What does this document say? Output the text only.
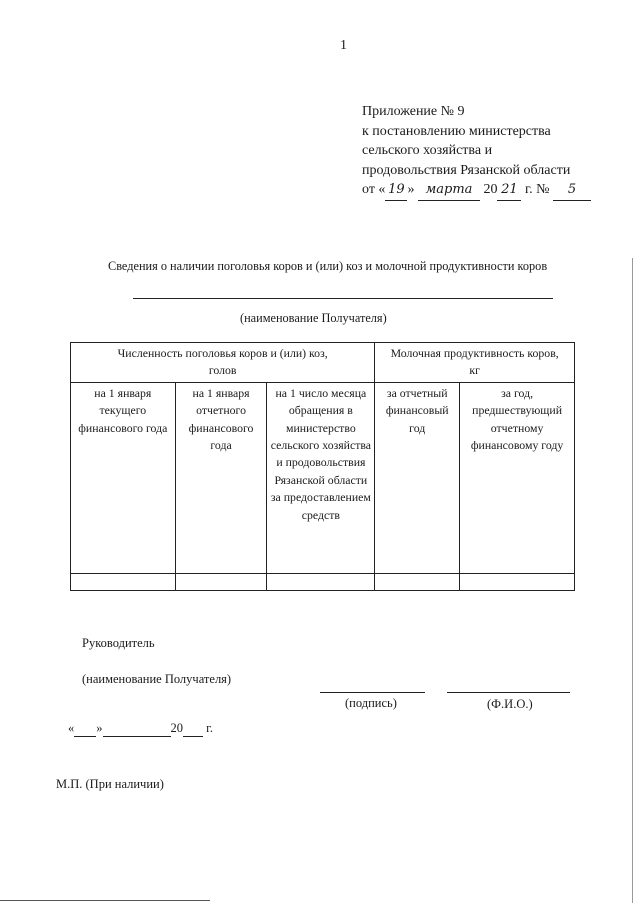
1
Приложение № 9
к постановлению министерства
сельского хозяйства и
продовольствия Рязанской области
от « 19 » марта 20 21 г. № 5
Сведения о наличии поголовья коров и (или) коз и молочной продуктивности коров
(наименование Получателя)
Численность поголовья коров и (или) коз, голов			Молочная продуктивность коров, кг	
на 1 января текущего финансового года	на 1 января отчетного финансового года	на 1 число месяца обращения в министерство сельского хозяйства и продовольствия Рязанской области за предоставлением средств	за отчетный финансовый год	за год, предшествующий отчетному финансовому году

Руководитель
(наименование Получателя)
(подпись)	(Ф.И.О.)
« »	20 г.
М.П. (При наличии)
